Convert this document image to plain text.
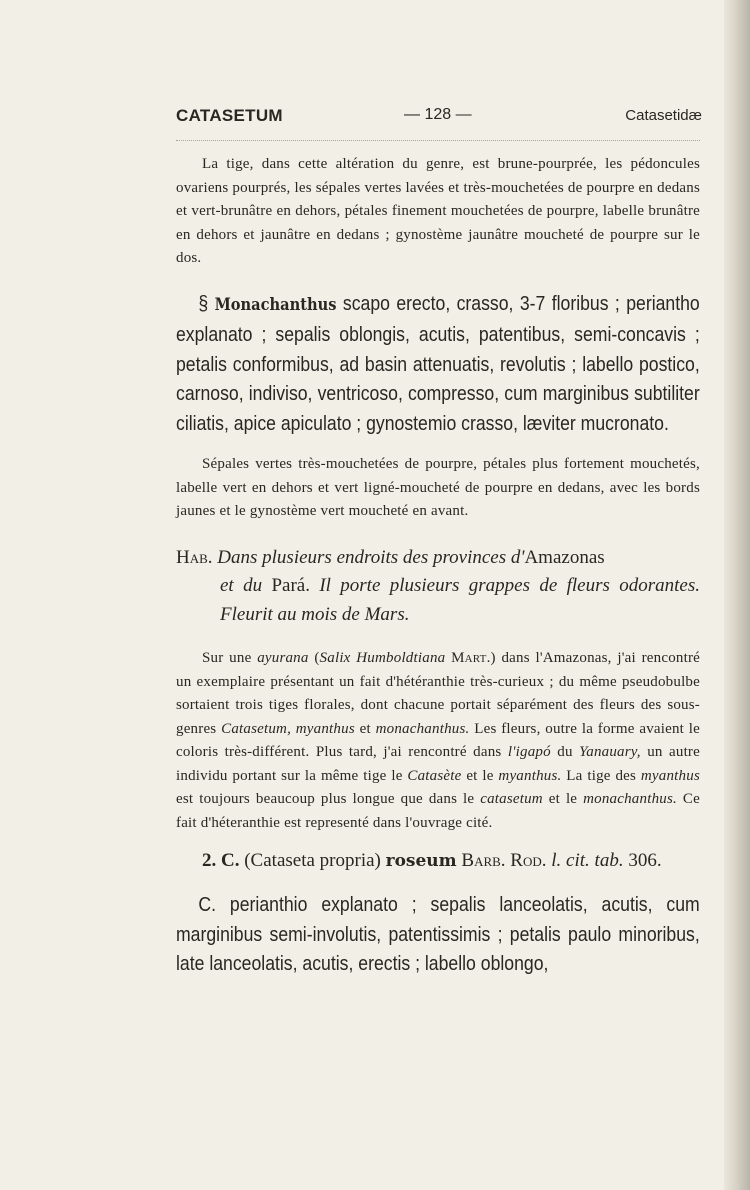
CATASETUM	— 128 —	Catasetidæ

La tige, dans cette altération du genre, est brune-pourprée, les pédoncules ovariens pourprés, les sépales vertes lavées et très-mouchetées de pourpre en dedans et vert-brunâtre en dehors, pétales finement mouchetées de pourpre, labelle brunâtre en dehors et jaunâtre en dedans ; gynostème jaunâtre moucheté de pourpre sur le dos.

§ Monachanthus scapo erecto, crasso, 3-7 floribus ; periantho explanato ; sepalis oblongis, acutis, patentibus, semi-concavis ; petalis conformibus, ad basin attenuatis, revolutis ; labello postico, carnoso, indiviso, ventricoso, compresso, cum marginibus subtiliter ciliatis, apice apiculato ; gynostemio crasso, læviter mucronato.

Sépales vertes très-mouchetées de pourpre, pétales plus fortement mouchetés, labelle vert en dehors et vert ligné-moucheté de pourpre en dedans, avec les bords jaunes et le gynostème vert moucheté en avant.

Hab. Dans plusieurs endroits des provinces d'Amazonas
et du Pará. Il porte plusieurs grappes de fleurs odorantes. Fleurit au mois de Mars.

Sur une ayurana (Salix Humboldtiana Mart.) dans l'Amazonas, j'ai rencontré un exemplaire présentant un fait d'hétéranthie très-curieux ; du même pseudobulbe sortaient trois tiges florales, dont chacune portait séparément des fleurs des sous-genres Catasetum, myanthus et monachanthus. Les fleurs, outre la forme avaient le coloris très-différent. Plus tard, j'ai rencontré dans l'igapó du Yanauary, un autre individu portant sur la même tige le Catasète et le myanthus. La tige des myanthus est toujours beaucoup plus longue que dans le catasetum et le monachanthus. Ce fait d'héteranthie est representé dans l'ouvrage cité.

2. C. (Catasetа propria) roseum Barb. Rod. l. cit. tab. 306.
C. perianthio explanato ; sepalis lanceolatis, acutis, cum marginibus semi-involutis, patentissimis ; petalis paulo minoribus, late lanceolatis, acutis, erectis ; labello oblongo,
